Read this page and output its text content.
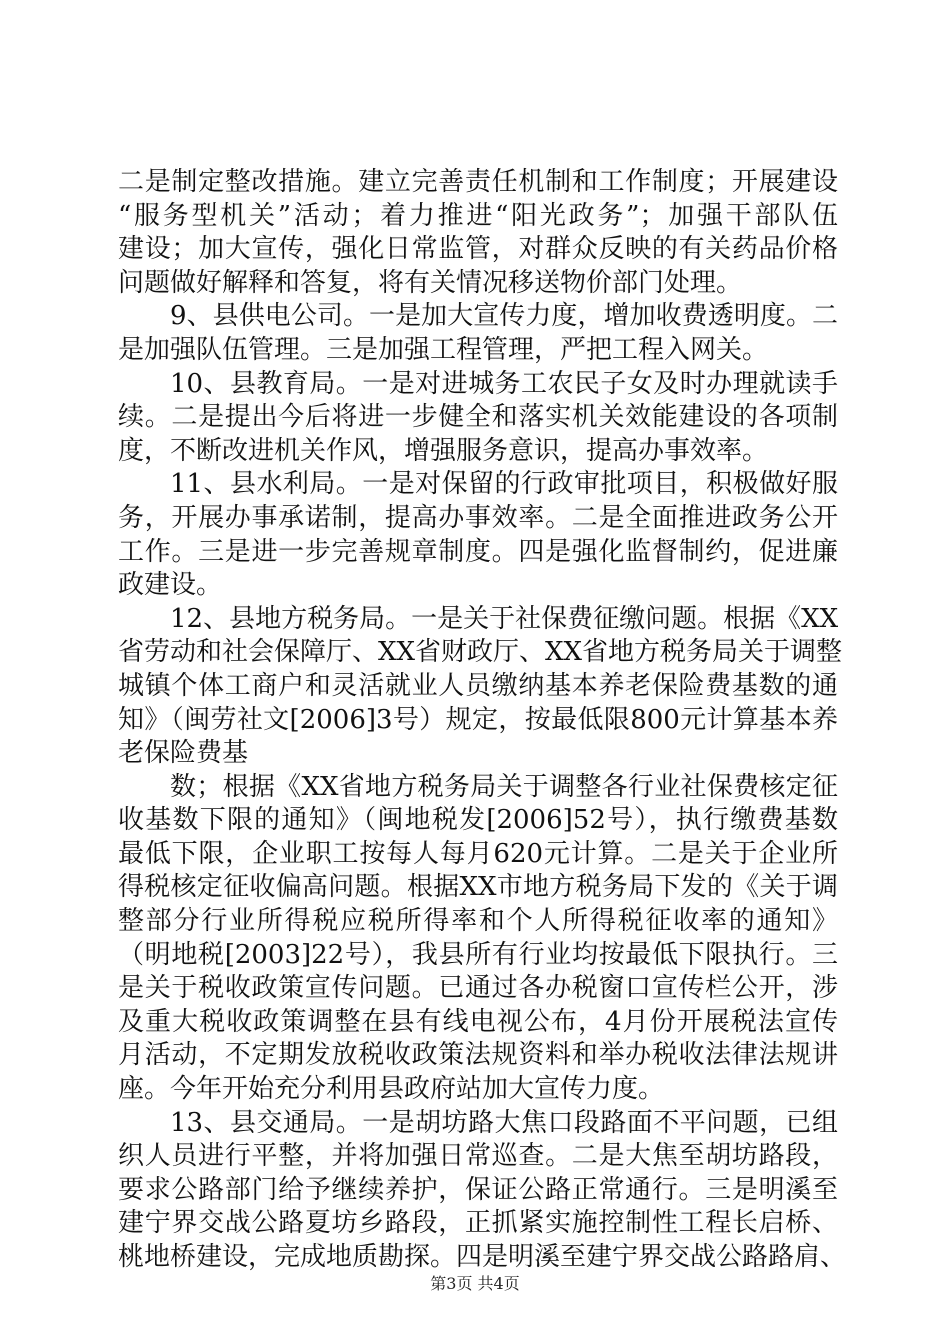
二是制定整改措施。建立完善责任机制和工作制度；开展建设
“服务型机关”活动；着力推进“阳光政务”；加强干部队伍
建设；加大宣传，强化日常监管，对群众反映的有关药品价格
问题做好解释和答复，将有关情况移送物价部门处理。
9、县供电公司。一是加大宣传力度，增加收费透明度。二
是加强队伍管理。三是加强工程管理，严把工程入网关。
10、县教育局。一是对进城务工农民子女及时办理就读手
续。二是提出今后将进一步健全和落实机关效能建设的各项制
度，不断改进机关作风，增强服务意识，提高办事效率。
11、县水利局。一是对保留的行政审批项目，积极做好服
务，开展办事承诺制，提高办事效率。二是全面推进政务公开
工作。三是进一步完善规章制度。四是强化监督制约，促进廉
政建设。
12、县地方税务局。一是关于社保费征缴问题。根据《XX
省劳动和社会保障厅、XX省财政厅、XX省地方税务局关于调整
城镇个体工商户和灵活就业人员缴纳基本养老保险费基数的通
知》（闽劳社文[2006]3号）规定，按最低限800元计算基本养
老保险费基
数；根据《XX省地方税务局关于调整各行业社保费核定征
收基数下限的通知》（闽地税发[2006]52号），执行缴费基数
最低下限，企业职工按每人每月620元计算。二是关于企业所
得税核定征收偏高问题。根据XX市地方税务局下发的《关于调
整部分行业所得税应税所得率和个人所得税征收率的通知》
（明地税[2003]22号），我县所有行业均按最低下限执行。三
是关于税收政策宣传问题。已通过各办税窗口宣传栏公开，涉
及重大税收政策调整在县有线电视公布，4月份开展税法宣传
月活动，不定期发放税收政策法规资料和举办税收法律法规讲
座。今年开始充分利用县政府站加大宣传力度。
13、县交通局。一是胡坊路大焦口段路面不平问题，已组
织人员进行平整，并将加强日常巡查。二是大焦至胡坊路段，
要求公路部门给予继续养护，保证公路正常通行。三是明溪至
建宁界交战公路夏坊乡路段，正抓紧实施控制性工程长启桥、
桃地桥建设，完成地质勘探。四是明溪至建宁界交战公路路肩、
第3页 共4页
